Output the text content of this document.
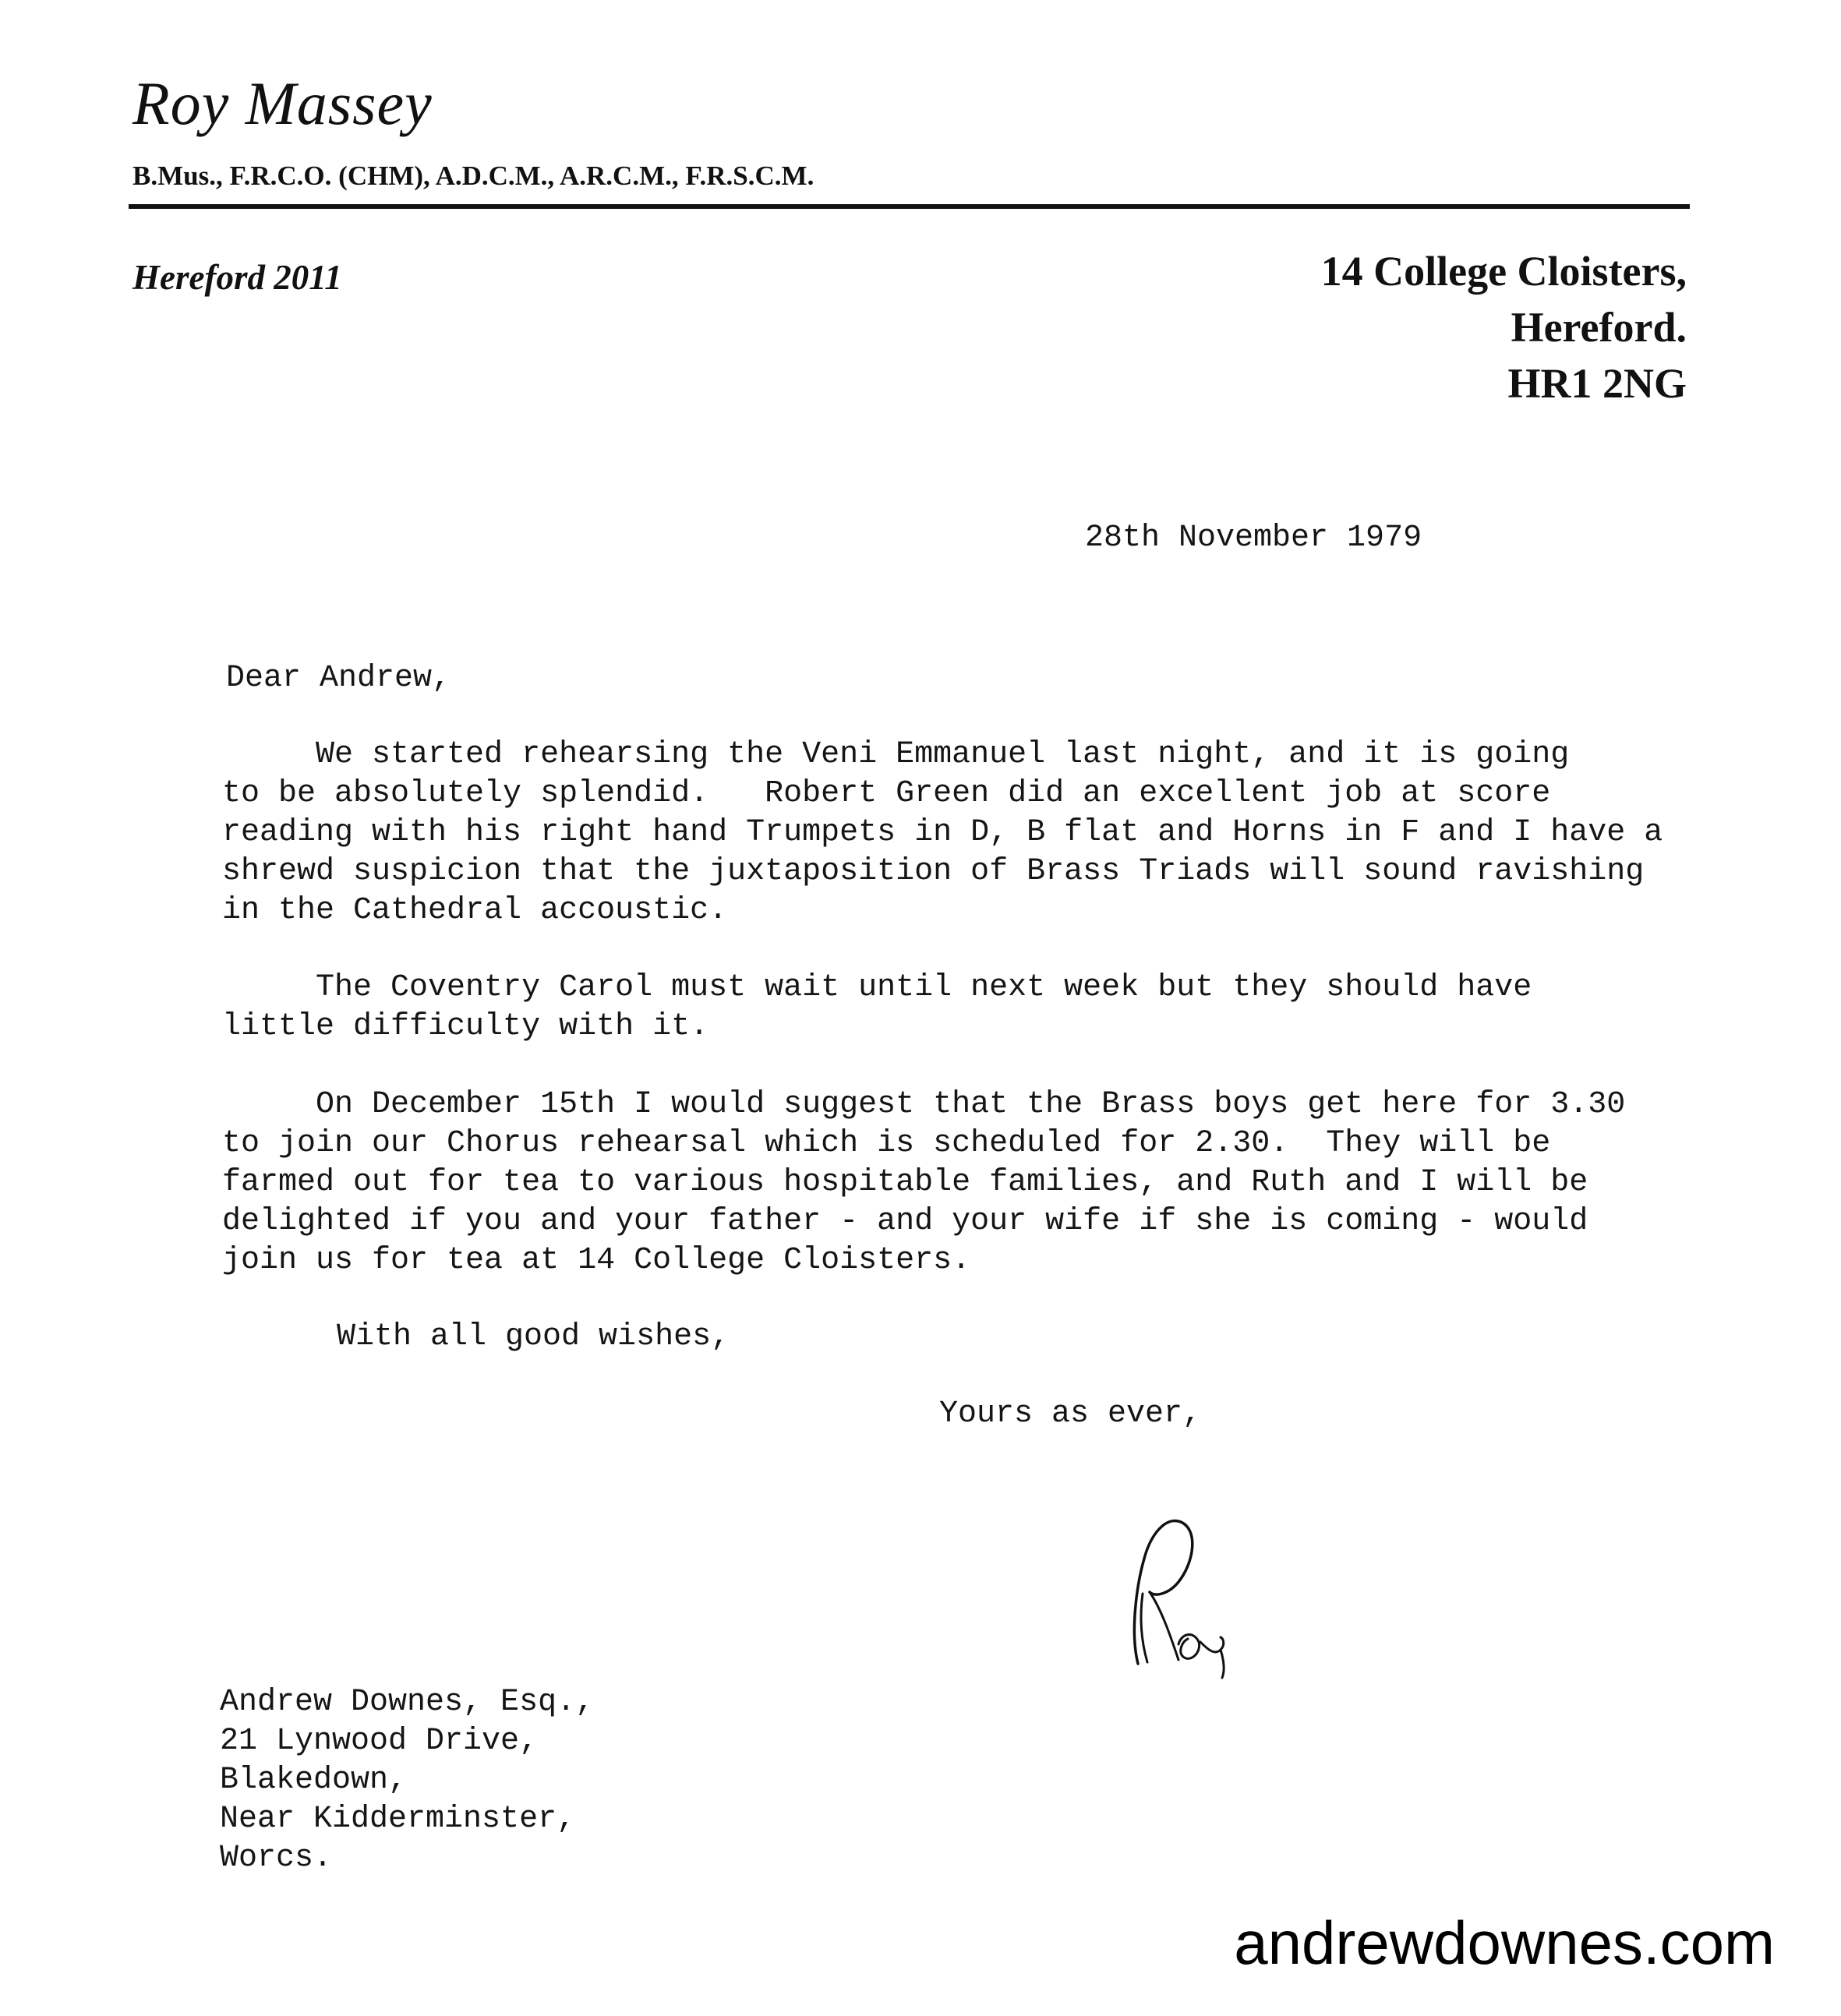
Roy Massey
B.Mus., F.R.C.O. (CHM), A.D.C.M., A.R.C.M., F.R.S.C.M.
Hereford 2011	14 College Cloisters,
Hereford.
HR1 2NG
28th November 1979
Dear Andrew,
We started rehearsing the Veni Emmanuel last night, and it is going
to be absolutely splendid.   Robert Green did an excellent job at score
reading with his right hand Trumpets in D, B flat and Horns in F and I have a
shrewd suspicion that the juxtaposition of Brass Triads will sound ravishing
in the Cathedral accoustic.
The Coventry Carol must wait until next week but they should have
little difficulty with it.
On December 15th I would suggest that the Brass boys get here for 3.30
to join our Chorus rehearsal which is scheduled for 2.30.  They will be
farmed out for tea to various hospitable families, and Ruth and I will be
delighted if you and your father - and your wife if she is coming - would
join us for tea at 14 College Cloisters.
With all good wishes,
Yours as ever,
Andrew Downes, Esq.,
21 Lynwood Drive,
Blakedown,
Near Kidderminster,
Worcs.
andrewdownes.com
